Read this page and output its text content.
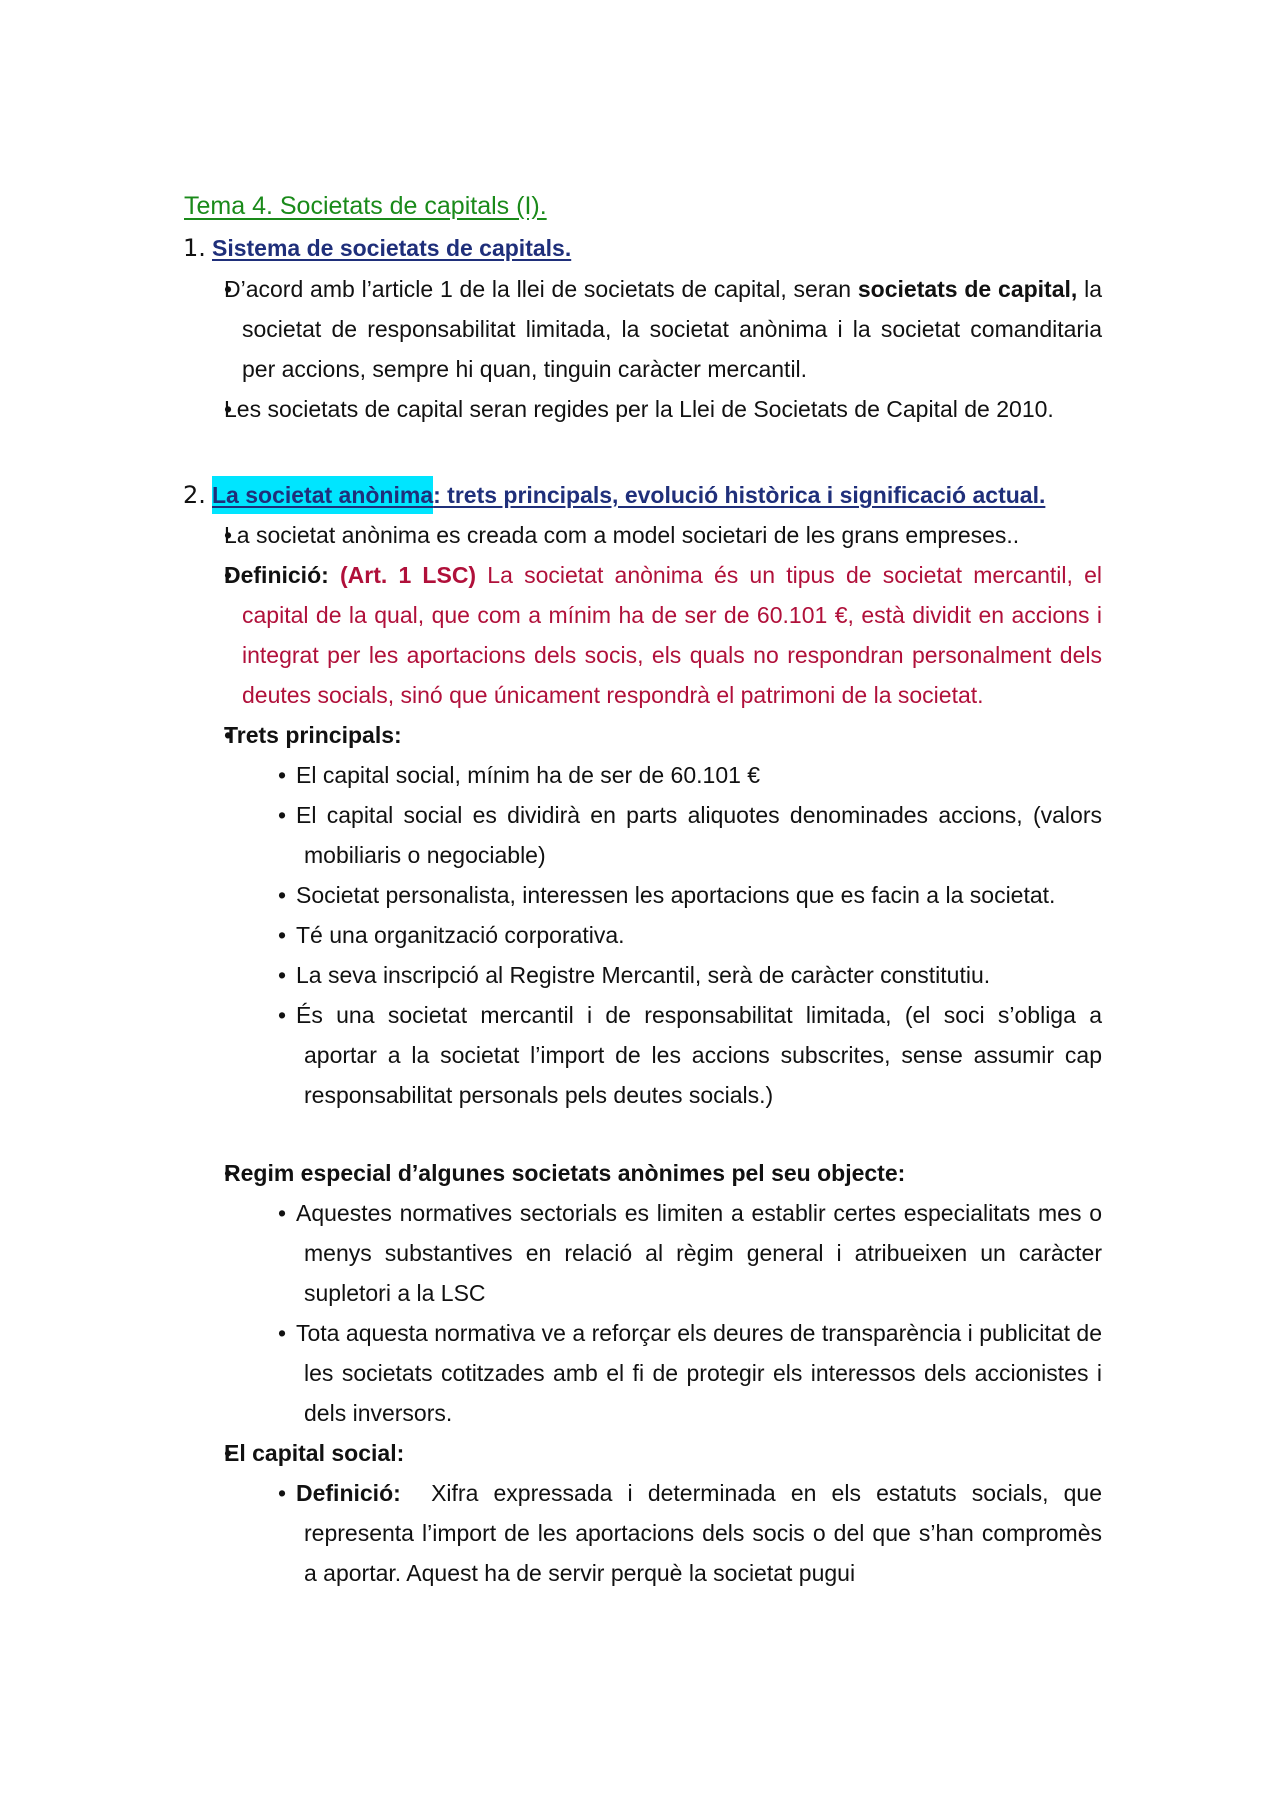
Tema 4. Societats de capitals (I).
1. Sistema de societats de capitals.
• D’acord amb l’article 1 de la llei de societats de capital, seran societats de capital, la societat de responsabilitat limitada, la societat anònima i la societat comanditaria per accions, sempre hi quan, tinguin caràcter mercantil.
• Les societats de capital seran regides per la Llei de Societats de Capital de 2010.
2. La societat anònima: trets principals, evolució històrica i significació actual.
• La societat anònima es creada com a model societari de les grans empreses..
• Definició: (Art. 1 LSC) La societat anònima és un tipus de societat mercantil, el capital de la qual, que com a mínim ha de ser de 60.101 €, està dividit en accions i integrat per les aportacions dels socis, els quals no respondran personalment dels deutes socials, sinó que únicament respondrà el patrimoni de la societat.
• Trets principals:
• El capital social, mínim ha de ser de 60.101 €
• El capital social es dividirà en parts aliquotes denominades accions, (valors mobiliaris o negociable)
• Societat personalista, interessen les aportacions que es facin a la societat.
• Té una organització corporativa.
• La seva inscripció al Registre Mercantil, serà de caràcter constitutiu.
• És una societat mercantil i de responsabilitat limitada, (el soci s’obliga a aportar a la societat l’import de les accions subscrites, sense assumir cap responsabilitat personals pels deutes socials.)
• Regim especial d’algunes societats anònimes pel seu objecte:
• Aquestes normatives sectorials es limiten a establir certes especialitats mes o menys substantives en relació al règim general i atribueixen un caràcter supletori a la LSC
• Tota aquesta normativa ve a reforçar els deures de transparència i publicitat de les societats cotitzades amb el fi de protegir els interessos dels accionistes i dels inversors.
• El capital social:
• Definició:  Xifra expressada i determinada en els estatuts socials, que representa l’import de les aportacions dels socis o del que s’han compromès a aportar. Aquest ha de servir perquè la societat pugui
